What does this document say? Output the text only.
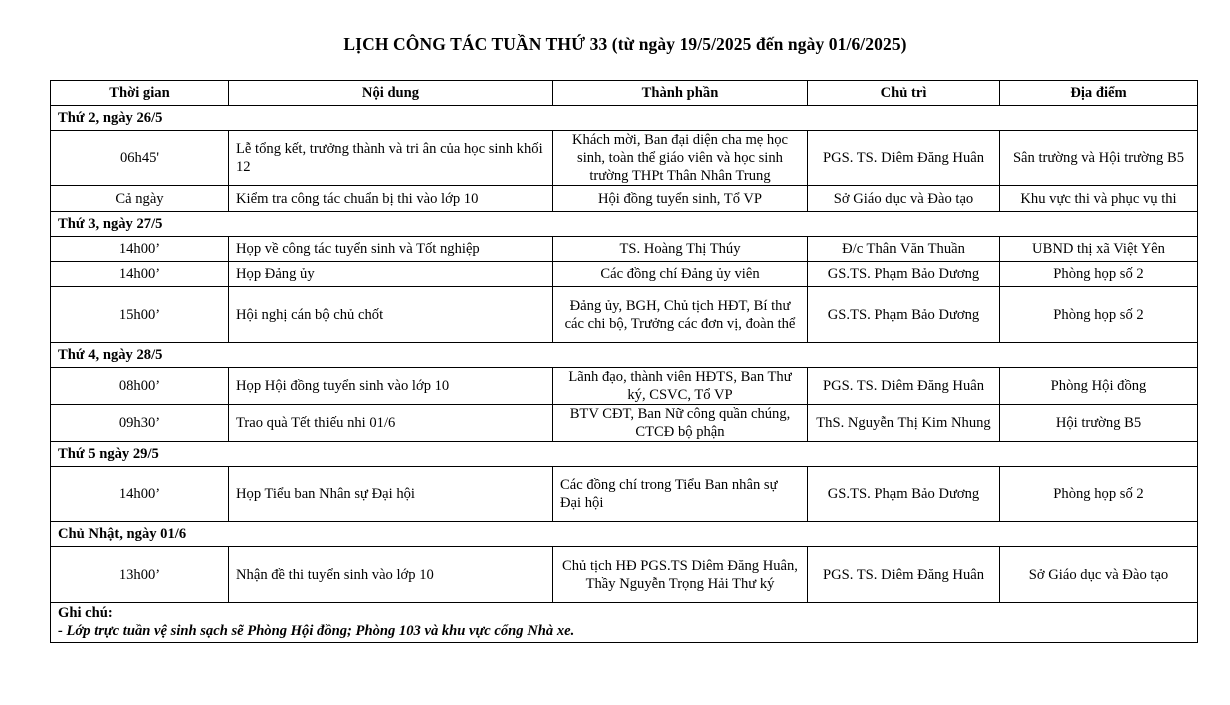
LỊCH CÔNG TÁC TUẦN THỨ 33 (từ ngày 19/5/2025 đến ngày 01/6/2025)
Thời gian	Nội dung	Thành phần	Chủ trì	Địa điểm
Thứ 2, ngày 26/5				
06h45'	Lễ tổng kết, trưởng thành và tri ân của học sinh khối 12	Khách mời, Ban đại diện cha mẹ học sinh, toàn thể giáo viên và học sinh trường THPt Thân Nhân Trung	PGS. TS. Diêm Đăng Huân	Sân trường và Hội trường B5
Cả ngày	Kiểm tra công tác chuẩn bị thi vào lớp 10	Hội đồng tuyển sinh, Tổ VP	Sở Giáo dục và Đào tạo	Khu vực thi và phục vụ thi
Thứ 3, ngày 27/5				
14h00’	Họp về công tác tuyển sinh và Tốt nghiệp	TS. Hoàng Thị Thúy	Đ/c Thân Văn Thuần	UBND thị xã Việt Yên
14h00’	Họp Đảng ủy	Các đồng chí Đảng ủy viên	GS.TS. Phạm Bảo Dương	Phòng họp số 2
15h00’	Hội nghị cán bộ chủ chốt	Đảng ủy, BGH, Chủ tịch HĐT, Bí thư các chi bộ, Trưởng các đơn vị, đoàn thể	GS.TS. Phạm Bảo Dương	Phòng họp số 2
Thứ 4, ngày 28/5				
08h00’	Họp Hội đồng tuyển sinh vào lớp 10	Lãnh đạo, thành viên HĐTS, Ban Thư ký, CSVC, Tổ VP	PGS. TS. Diêm Đăng Huân	Phòng Hội đồng
09h30’	Trao quà Tết thiếu nhi 01/6	BTV CĐT, Ban Nữ công quần chúng, CTCĐ bộ phận	ThS. Nguyễn Thị Kim Nhung	Hội trường B5
Thứ 5 ngày 29/5				
14h00’	Họp Tiểu ban Nhân sự Đại hội	Các đồng chí trong Tiểu Ban nhân sự Đại hội	GS.TS. Phạm Bảo Dương	Phòng họp số 2
Chủ Nhật, ngày 01/6				
13h00’	Nhận đề thi tuyển sinh vào lớp 10	Chủ tịch HĐ PGS.TS Diêm Đăng Huân, Thầy Nguyễn Trọng Hải Thư ký	PGS. TS. Diêm Đăng Huân	Sở Giáo dục và Đào tạo

Ghi chú:
- Lớp trực tuần vệ sinh sạch sẽ Phòng Hội đồng; Phòng 103 và khu vực cổng Nhà xe.				
